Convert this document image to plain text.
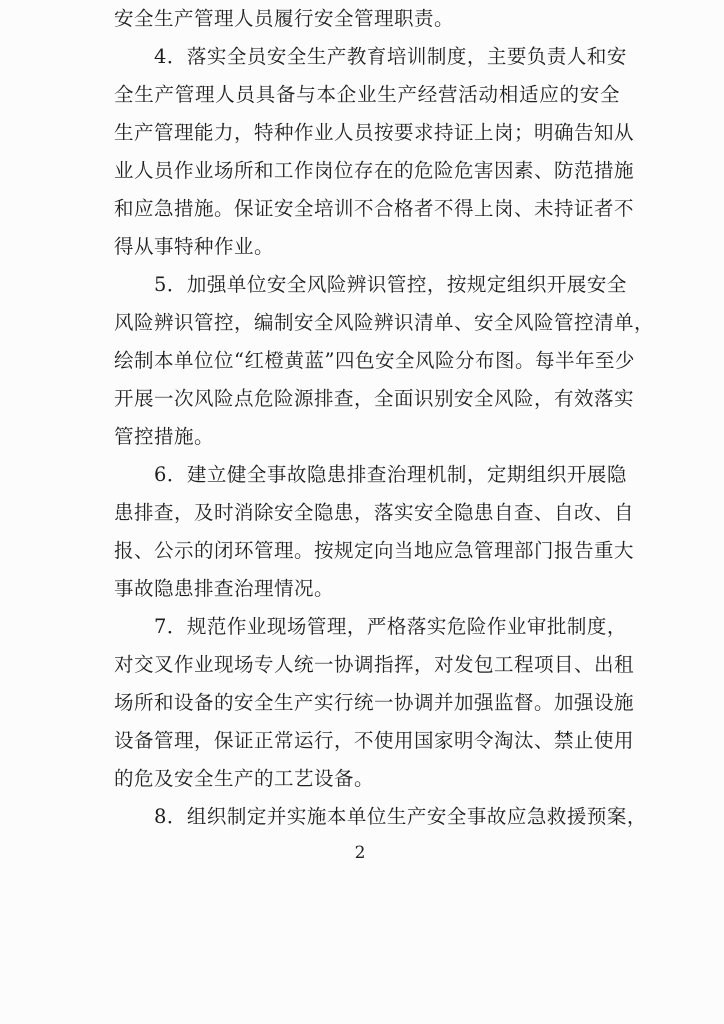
安全生产管理人员履行安全管理职责。
4．落实全员安全生产教育培训制度，主要负责人和安
全生产管理人员具备与本企业生产经营活动相适应的安全
生产管理能力，特种作业人员按要求持证上岗；明确告知从
业人员作业场所和工作岗位存在的危险危害因素、防范措施
和应急措施。保证安全培训不合格者不得上岗、未持证者不
得从事特种作业。
5．加强单位安全风险辨识管控，按规定组织开展安全
风险辨识管控，编制安全风险辨识清单、安全风险管控清单，
绘制本单位位“红橙黄蓝”四色安全风险分布图。每半年至少
开展一次风险点危险源排查，全面识别安全风险，有效落实
管控措施。
6．建立健全事故隐患排查治理机制，定期组织开展隐
患排查，及时消除安全隐患，落实安全隐患自查、自改、自
报、公示的闭环管理。按规定向当地应急管理部门报告重大
事故隐患排查治理情况。
7．规范作业现场管理，严格落实危险作业审批制度，
对交叉作业现场专人统一协调指挥，对发包工程项目、出租
场所和设备的安全生产实行统一协调并加强监督。加强设施
设备管理，保证正常运行，不使用国家明令淘汰、禁止使用
的危及安全生产的工艺设备。
8．组织制定并实施本单位生产安全事故应急救援预案，
2
